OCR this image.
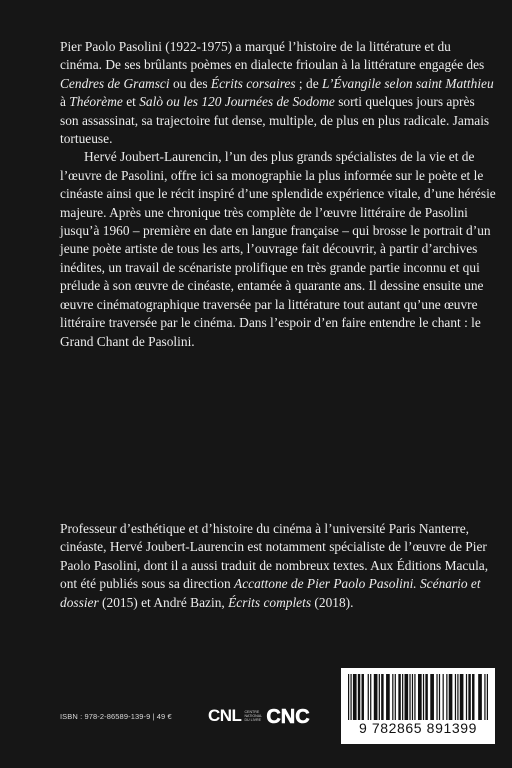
Pier Paolo Pasolini (1922-1975) a marqué l’histoire de la littérature et du cinéma. De ses brûlants poèmes en dialecte frioulan à la littérature engagée des Cendres de Gramsci ou des Écrits corsaires ; de L’Évangile selon saint Matthieu à Théorème et Salò ou les 120 Journées de Sodome sorti quelques jours après son assassinat, sa trajectoire fut dense, multiple, de plus en plus radicale. Jamais tortueuse.

Hervé Joubert-Laurencin, l’un des plus grands spécialistes de la vie et de l’œuvre de Pasolini, offre ici sa monographie la plus informée sur le poète et le cinéaste ainsi que le récit inspiré d’une splendide expérience vitale, d’une hérésie majeure. Après une chronique très complète de l’œuvre littéraire de Pasolini jusqu’à 1960 – première en date en langue française – qui brosse le portrait d’un jeune poète artiste de tous les arts, l’ouvrage fait découvrir, à partir d’archives inédites, un travail de scénariste prolifique en très grande partie inconnu et qui prélude à son œuvre de cinéaste, entamée à quarante ans. Il dessine ensuite une œuvre cinématographique traversée par la littérature tout autant qu’une œuvre littéraire traversée par le cinéma. Dans l’espoir d’en faire entendre le chant : le Grand Chant de Pasolini.

Professeur d’esthétique et d’histoire du cinéma à l’université Paris Nanterre, cinéaste, Hervé Joubert-Laurencin est notamment spécialiste de l’œuvre de Pier Paolo Pasolini, dont il a aussi traduit de nombreux textes. Aux Éditions Macula, ont été publiés sous sa direction Accattone de Pier Paolo Pasolini. Scénario et dossier (2015) et André Bazin, Écrits complets (2018).

ISBN : 978-2-86589-139-9 | 49 € CNL CENTRE NATIONAL DU LIVRE CNC	9 782865 891399
